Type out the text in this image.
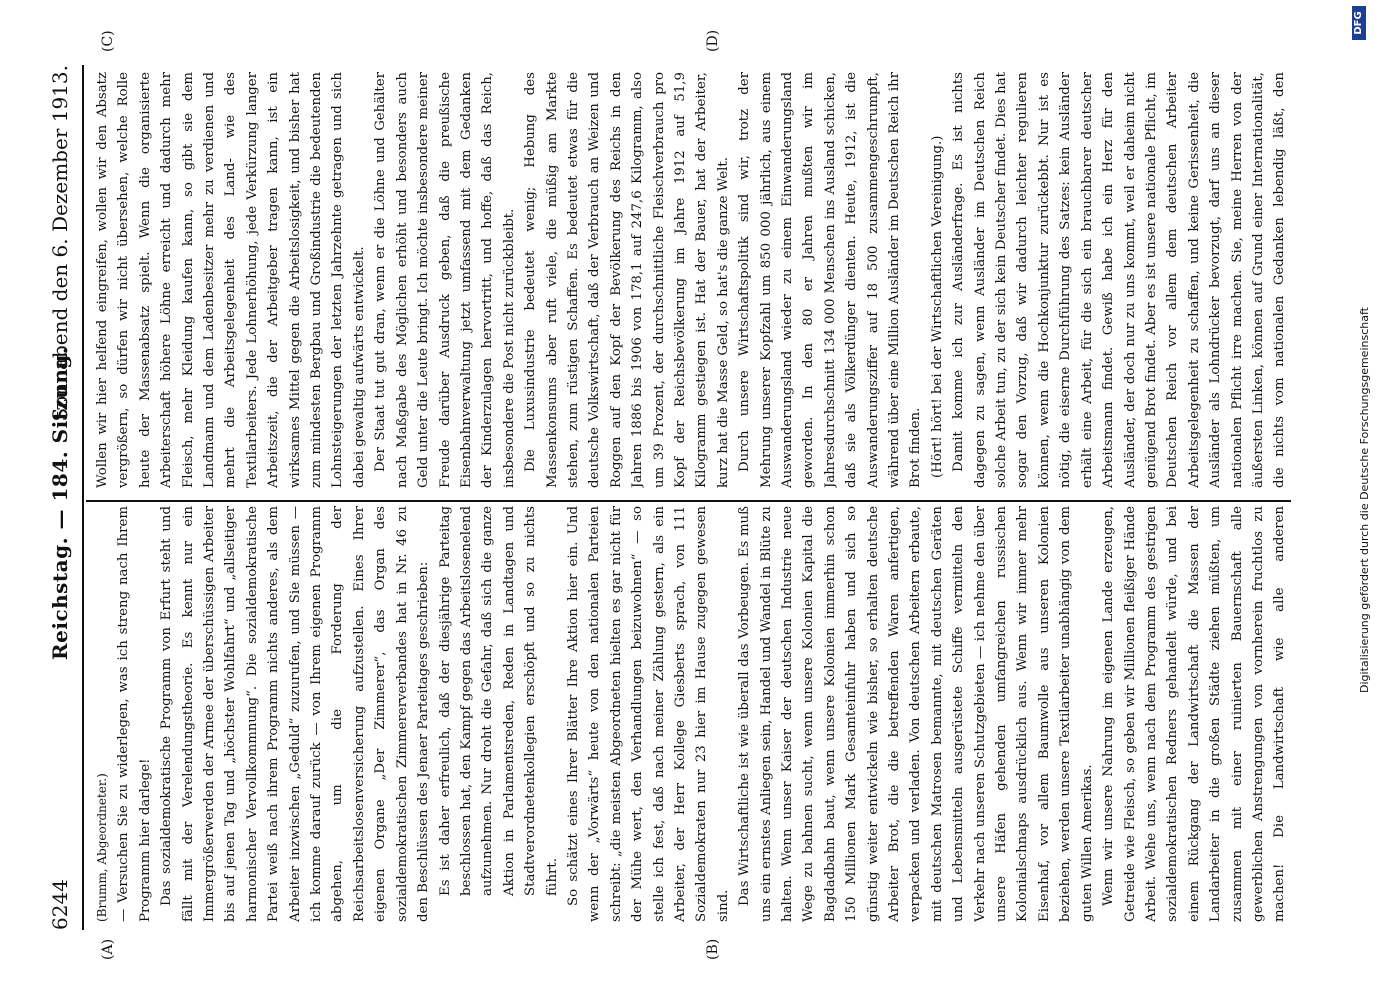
6244
Reichstag. — 184. Sitzung.
Sonnabend den 6. Dezember 1913.
(A)	(B)
(C)	(D)

(Brumm, Abgeordneter.) — Versuchen Sie zu widerlegen, was ich streng nach Ihrem Programm hier darlege! Das sozialdemokratische Programm von Erfurt steht und fällt mit der Verelendungstheorie. Es kennt nur ein Immergrößerwerden der Armee der überschüssigen Arbeiter bis auf jenen Tag und „höchster Wohlfahrt“ und „allseitiger harmonischer Vervollkommnung“. Die sozialdemokratische Partei weiß nach ihrem Programm nichts anderes, als dem Arbeiter inzwischen „Geduld“ zuzurufen, und Sie müssen — ich komme darauf zurück — von Ihrem eigenen Programm abgehen, um die Forderung der Reichsarbeitslosenversicherung aufzustellen. Eines Ihrer eigenen Organe „Der Zimmerer“, das Organ des sozialdemokratischen Zimmererverbandes hat in Nr. 46 zu den Beschlüssen des Jenaer Parteitages geschrieben: Es ist daher erfreulich, daß der diesjährige Parteitag beschlossen hat, den Kampf gegen das Arbeitslosenelend aufzunehmen. Nur droht die Gefahr, daß sich die ganze Aktion in Parlamentsreden, Reden in Landtagen und Stadtverordnetenkollegien erschöpft und so zu nichts führt. So schätzt eines Ihrer Blätter Ihre Aktion hier ein. Und wenn der „Vorwärts“ heute von den nationalen Parteien schreibt: „die meisten Abgeordneten hielten es gar nicht für der Mühe wert, den Verhandlungen beizuwohnen“ — so stelle ich fest, daß nach meiner Zählung gestern, als ein Arbeiter, der Herr Kollege Giesberts sprach, von 111 Sozialdemokraten nur 23 hier im Hause zugegen gewesen sind. Das Wirtschaftliche ist wie überall das Vorbeugen. Es muß uns ein ernstes Anliegen sein, Handel und Wandel in Blüte zu halten. Wenn unser Kaiser der deutschen Industrie neue Wege zu bahnen sucht, wenn unsere Kolonien Kapital die Bagdadbahn baut, wenn unsere Kolonien immerhin schon 150 Millionen Mark Gesamteinfuhr haben und sich so günstig weiter entwickeln wie bisher, so erhalten deutsche Arbeiter Brot, die die betreffenden Waren anfertigen, verpacken und verladen. Von deutschen Arbeitern erbaute, mit deutschen Matrosen bemannte, mit deutschen Geräten und Lebensmitteln ausgerüstete Schiffe vermitteln den Verkehr nach unseren Schutzgebieten — ich nehme den über unsere Häfen gehenden umfangreichen russischen Kolonialschnaps ausdrücklich aus. Wenn wir immer mehr Eisenhaf, vor allem Baumwolle aus unseren Kolonien beziehen, werden unsere Textilarbeiter unabhängig von dem guten Willen Amerikas. Wenn wir unsere Nahrung im eigenen Lande erzeugen, Getreide wie Fleisch, so geben wir Millionen fleißiger Hände Arbeit. Wehe uns, wenn nach dem Programm des gestrigen sozialdemokratischen Redners gehandelt würde, und bei einem Rückgang der Landwirtschaft die Massen der Landarbeiter in die großen Städte ziehen müßten, um zusammen mit einer ruinierten Bauernschaft alle gewerblichen Anstrengungen von vornherein fruchtlos zu machen! Die Landwirtschaft wie alle anderen

Wollen wir hier helfend eingreifen, wollen wir den Absatz vergrößern, so dürfen wir nicht übersehen, welche Rolle heute der Massenabsatz spielt. Wenn die organisierte Arbeiterschaft höhere Löhne erreicht und dadurch mehr Fleisch, mehr Kleidung kaufen kann, so gibt sie dem Landmann und dem Ladenbesitzer mehr zu verdienen und mehrt die Arbeitsgelegenheit des Land- wie des Textilarbeiters. Jede Lohnerhöhung, jede Verkürzung langer Arbeitszeit, die der Arbeitgeber tragen kann, ist ein wirksames Mittel gegen die Arbeitslosigkeit, und bisher hat zum mindesten Bergbau und Großindustrie die bedeutenden Lohnsteigerungen der letzten Jahrzehnte getragen und sich dabei gewaltig aufwärts entwickelt. Der Staat tut gut dran, wenn er die Löhne und Gehälter nach Maßgabe des Möglichen erhöht und besonders auch Geld unter die Leute bringt. Ich möchte insbesondere meiner Freude darüber Ausdruck geben, daß die preußische Eisenbahnverwaltung jetzt umfassend mit dem Gedanken der Kinderzulagen hervortritt, und hoffe, daß das Reich, insbesondere die Post nicht zurückbleibt. Die Luxusindustrie bedeutet wenig; Hebung des Massenkonsums aber ruft viele, die müßig am Markte stehen, zum rüstigen Schaffen. Es bedeutet etwas für die deutsche Volkswirtschaft, daß der Verbrauch an Weizen und Roggen auf den Kopf der Bevölkerung des Reichs in den Jahren 1886 bis 1906 von 178,1 auf 247,6 Kilogramm, also um 39 Prozent, der durchschnittliche Fleischverbrauch pro Kopf der Reichsbevölkerung im Jahre 1912 auf 51,9 Kilogramm gestiegen ist. Hat der Bauer, hat der Arbeiter, kurz hat die Masse Geld, so hat's die ganze Welt. Durch unsere Wirtschaftspolitik sind wir, trotz der Mehrung unserer Kopfzahl um 850 000 jährlich, aus einem Auswanderungsland wieder zu einem Einwanderungsland geworden. In den 80 er Jahren mußten wir im Jahresdurchschnitt 134 000 Menschen ins Ausland schicken, daß sie als Völkerdünger dienten. Heute, 1912, ist die Auswanderungsziffer auf 18 500 zusammengeschrumpft, während über eine Million Ausländer im Deutschen Reich ihr Brot finden. (Hört! hört! bei der Wirtschaftlichen Vereinigung.) Damit komme ich zur Ausländerfrage. Es ist nichts dagegen zu sagen, wenn Ausländer im Deutschen Reich solche Arbeit tun, zu der sich kein Deutscher findet. Dies hat sogar den Vorzug, daß wir dadurch leichter regulieren können, wenn die Hochkonjunktur zurückebbt. Nur ist es nötig, die eiserne Durchführung des Satzes: kein Ausländer erhält eine Arbeit, für die sich ein brauchbarer deutscher Arbeitsmann findet. Gewiß habe ich ein Herz für den Ausländer, der doch nur zu uns kommt, weil er daheim nicht genügend Brot findet. Aber es ist unsere nationale Pflicht, im Deutschen Reich vor allem dem deutschen Arbeiter Arbeitsgelegenheit zu schaffen, und keine Gerissenheit, die Ausländer als Lohndrücker bevorzugt, darf uns an dieser nationalen Pflicht irre machen. Sie, meine Herren von der äußersten Linken, können auf Grund einer Internationalität, die nichts vom nationalen Gedanken lebendig läßt, den

Digitalisierung gefördert durch die Deutsche Forschungsgemeinschaft
DFG
